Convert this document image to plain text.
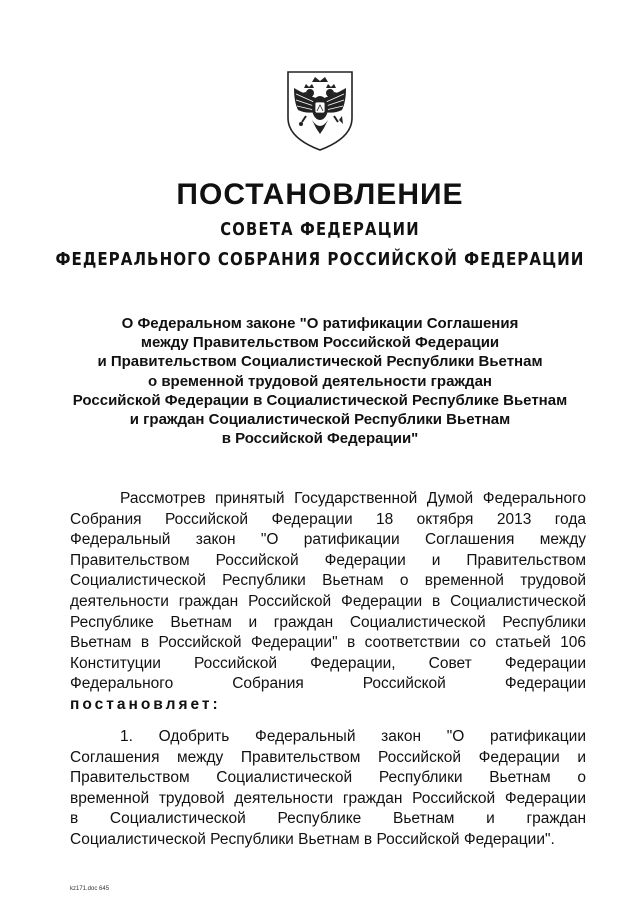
ПОСТАНОВЛЕНИЕ
СОВЕТА ФЕДЕРАЦИИ
ФЕДЕРАЛЬНОГО СОБРАНИЯ РОССИЙСКОЙ ФЕДЕРАЦИИ
О Федеральном законе "О ратификации Соглашения
между Правительством Российской Федерации
и Правительством Социалистической Республики Вьетнам
о временной трудовой деятельности граждан
Российской Федерации в Социалистической Республике Вьетнам
и граждан Социалистической Республики Вьетнам
в Российской Федерации"
Рассмотрев принятый Государственной Думой Федерального
Собрания Российской Федерации 18 октября 2013 года
Федеральный закон "О ратификации Соглашения между
Правительством Российской Федерации и Правительством
Социалистической Республики Вьетнам о временной трудовой
деятельности граждан Российской Федерации в Социалистической
Республике Вьетнам и граждан Социалистической Республики
Вьетнам в Российской Федерации" в соответствии со статьей 106
Конституции Российской Федерации, Совет Федерации
Федерального Собрания Российской Федерации
постановляет:
1. Одобрить Федеральный закон "О ратификации
Соглашения между Правительством Российской Федерации и
Правительством Социалистической Республики Вьетнам о
временной трудовой деятельности граждан Российской Федерации
в Социалистической Республике Вьетнам и граждан
Социалистической Республики Вьетнам в Российской Федерации".
kz171.doc 645
